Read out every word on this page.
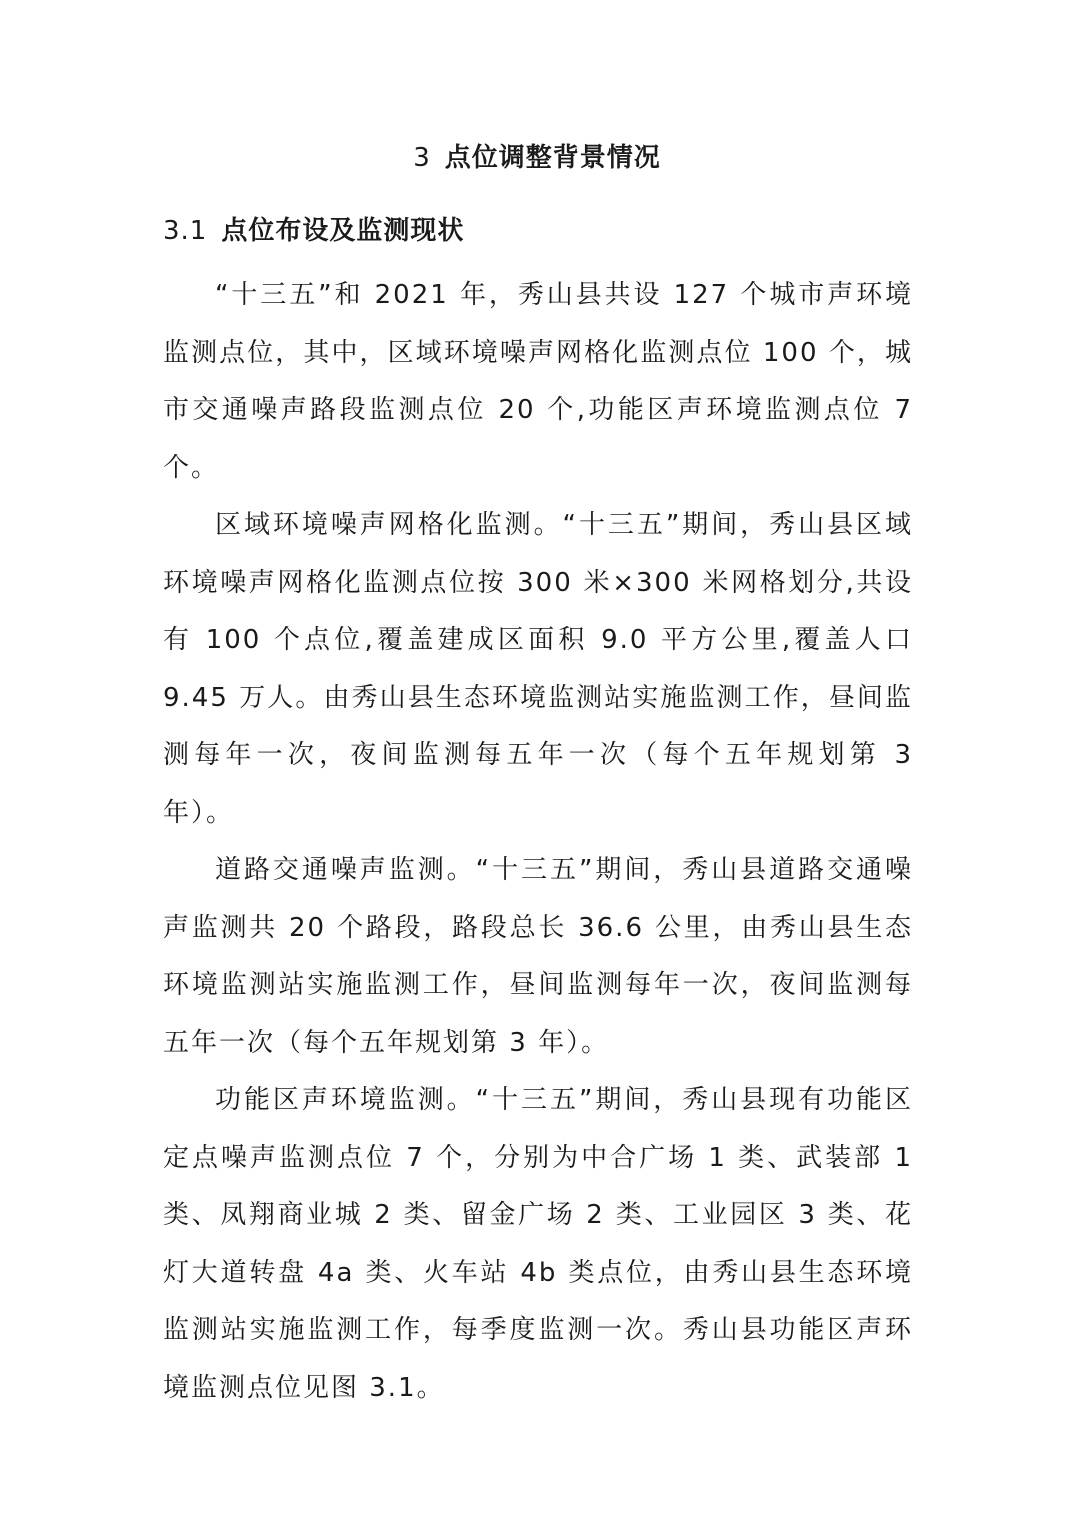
3 点位调整背景情况
3.1 点位布设及监测现状

“十三五”和 2021 年，秀山县共设 127 个城市声环境监测点位，其中，区域环境噪声网格化监测点位 100 个，城市交通噪声路段监测点位 20 个,功能区声环境监测点位 7 个。

区域环境噪声网格化监测。“十三五”期间，秀山县区域环境噪声网格化监测点位按 300 米×300 米网格划分,共设有 100 个点位,覆盖建成区面积 9.0 平方公里,覆盖人口 9.45 万人。由秀山县生态环境监测站实施监测工作，昼间监测每年一次，夜间监测每五年一次（每个五年规划第 3 年）。

道路交通噪声监测。“十三五”期间，秀山县道路交通噪声监测共 20 个路段，路段总长 36.6 公里，由秀山县生态环境监测站实施监测工作，昼间监测每年一次，夜间监测每五年一次（每个五年规划第 3 年）。

功能区声环境监测。“十三五”期间，秀山县现有功能区定点噪声监测点位 7 个，分别为中合广场 1 类、武装部 1 类、凤翔商业城 2 类、留金广场 2 类、工业园区 3 类、花灯大道转盘 4a 类、火车站 4b 类点位，由秀山县生态环境监测站实施监测工作，每季度监测一次。秀山县功能区声环境监测点位见图 3.1。
